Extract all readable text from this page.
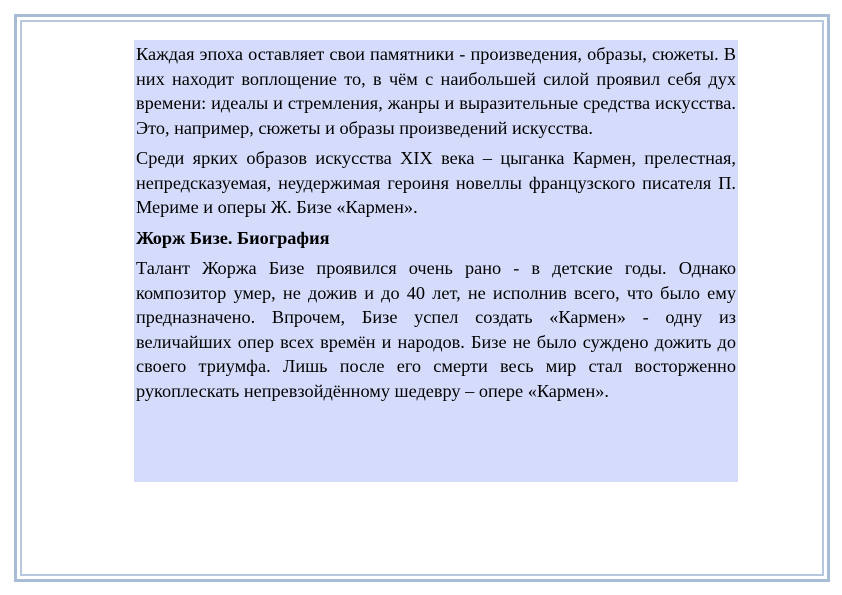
Каждая эпоха оставляет свои памятники - произведения, образы, сюжеты. В них находит воплощение то, в чём с наибольшей силой проявил себя дух времени: идеалы и стремления, жанры и выразительные средства искусства. Это, например, сюжеты и образы произведений искусства.

Среди ярких образов искусства XIX века – цыганка Кармен, прелестная, непредсказуемая, неудержимая героиня новеллы французского писателя П. Мериме и оперы Ж. Бизе «Кармен».

Жорж Бизе. Биография

Талант Жоржа Бизе проявился очень рано - в детские годы. Однако композитор умер, не дожив и до 40 лет, не исполнив всего, что было ему предназначено. Впрочем, Бизе успел создать «Кармен» - одну из величайших опер всех времён и народов. Бизе не было суждено дожить до своего триумфа. Лишь после его смерти весь мир стал восторженно рукоплескать непревзойдённому шедевру – опере «Кармен».
